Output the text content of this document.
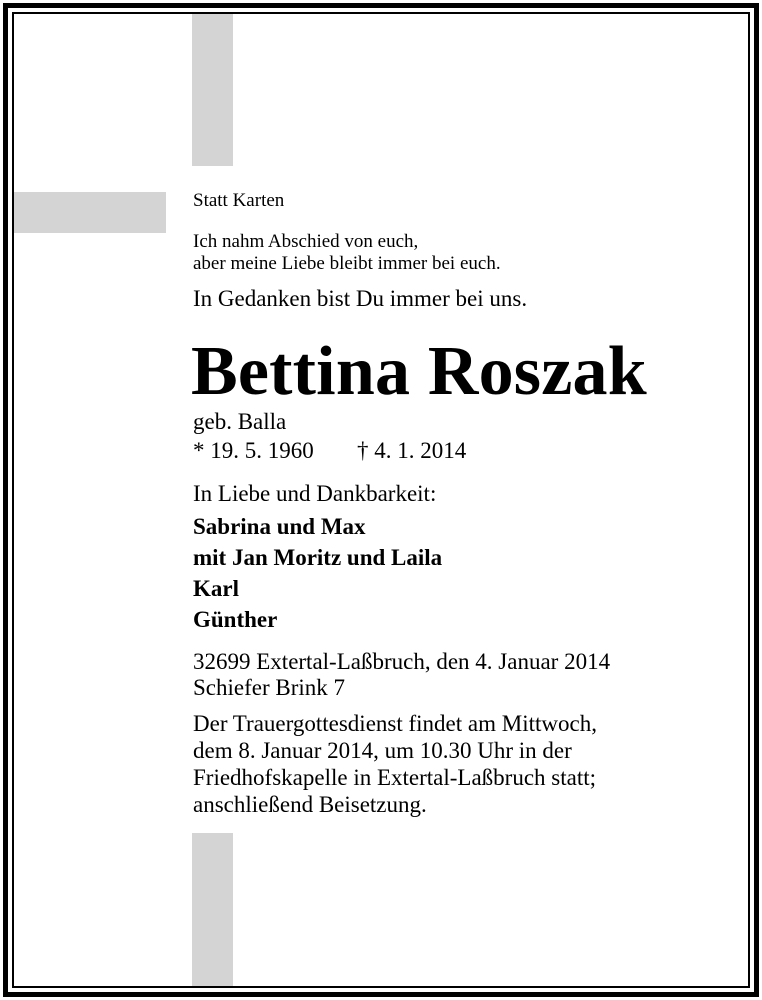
Statt Karten
Ich nahm Abschied von euch,
aber meine Liebe bleibt immer bei euch.
In Gedanken bist Du immer bei uns.
Bettina Roszak
geb. Balla
* 19. 5. 1960 † 4. 1. 2014
In Liebe und Dankbarkeit:
Sabrina und Max
mit Jan Moritz und Laila
Karl
Günther
32699 Extertal-Laßbruch, den 4. Januar 2014
Schiefer Brink 7
Der Trauergottesdienst findet am Mittwoch,
dem 8. Januar 2014, um 10.30 Uhr in der
Friedhofskapelle in Extertal-Laßbruch statt;
anschließend Beisetzung.
